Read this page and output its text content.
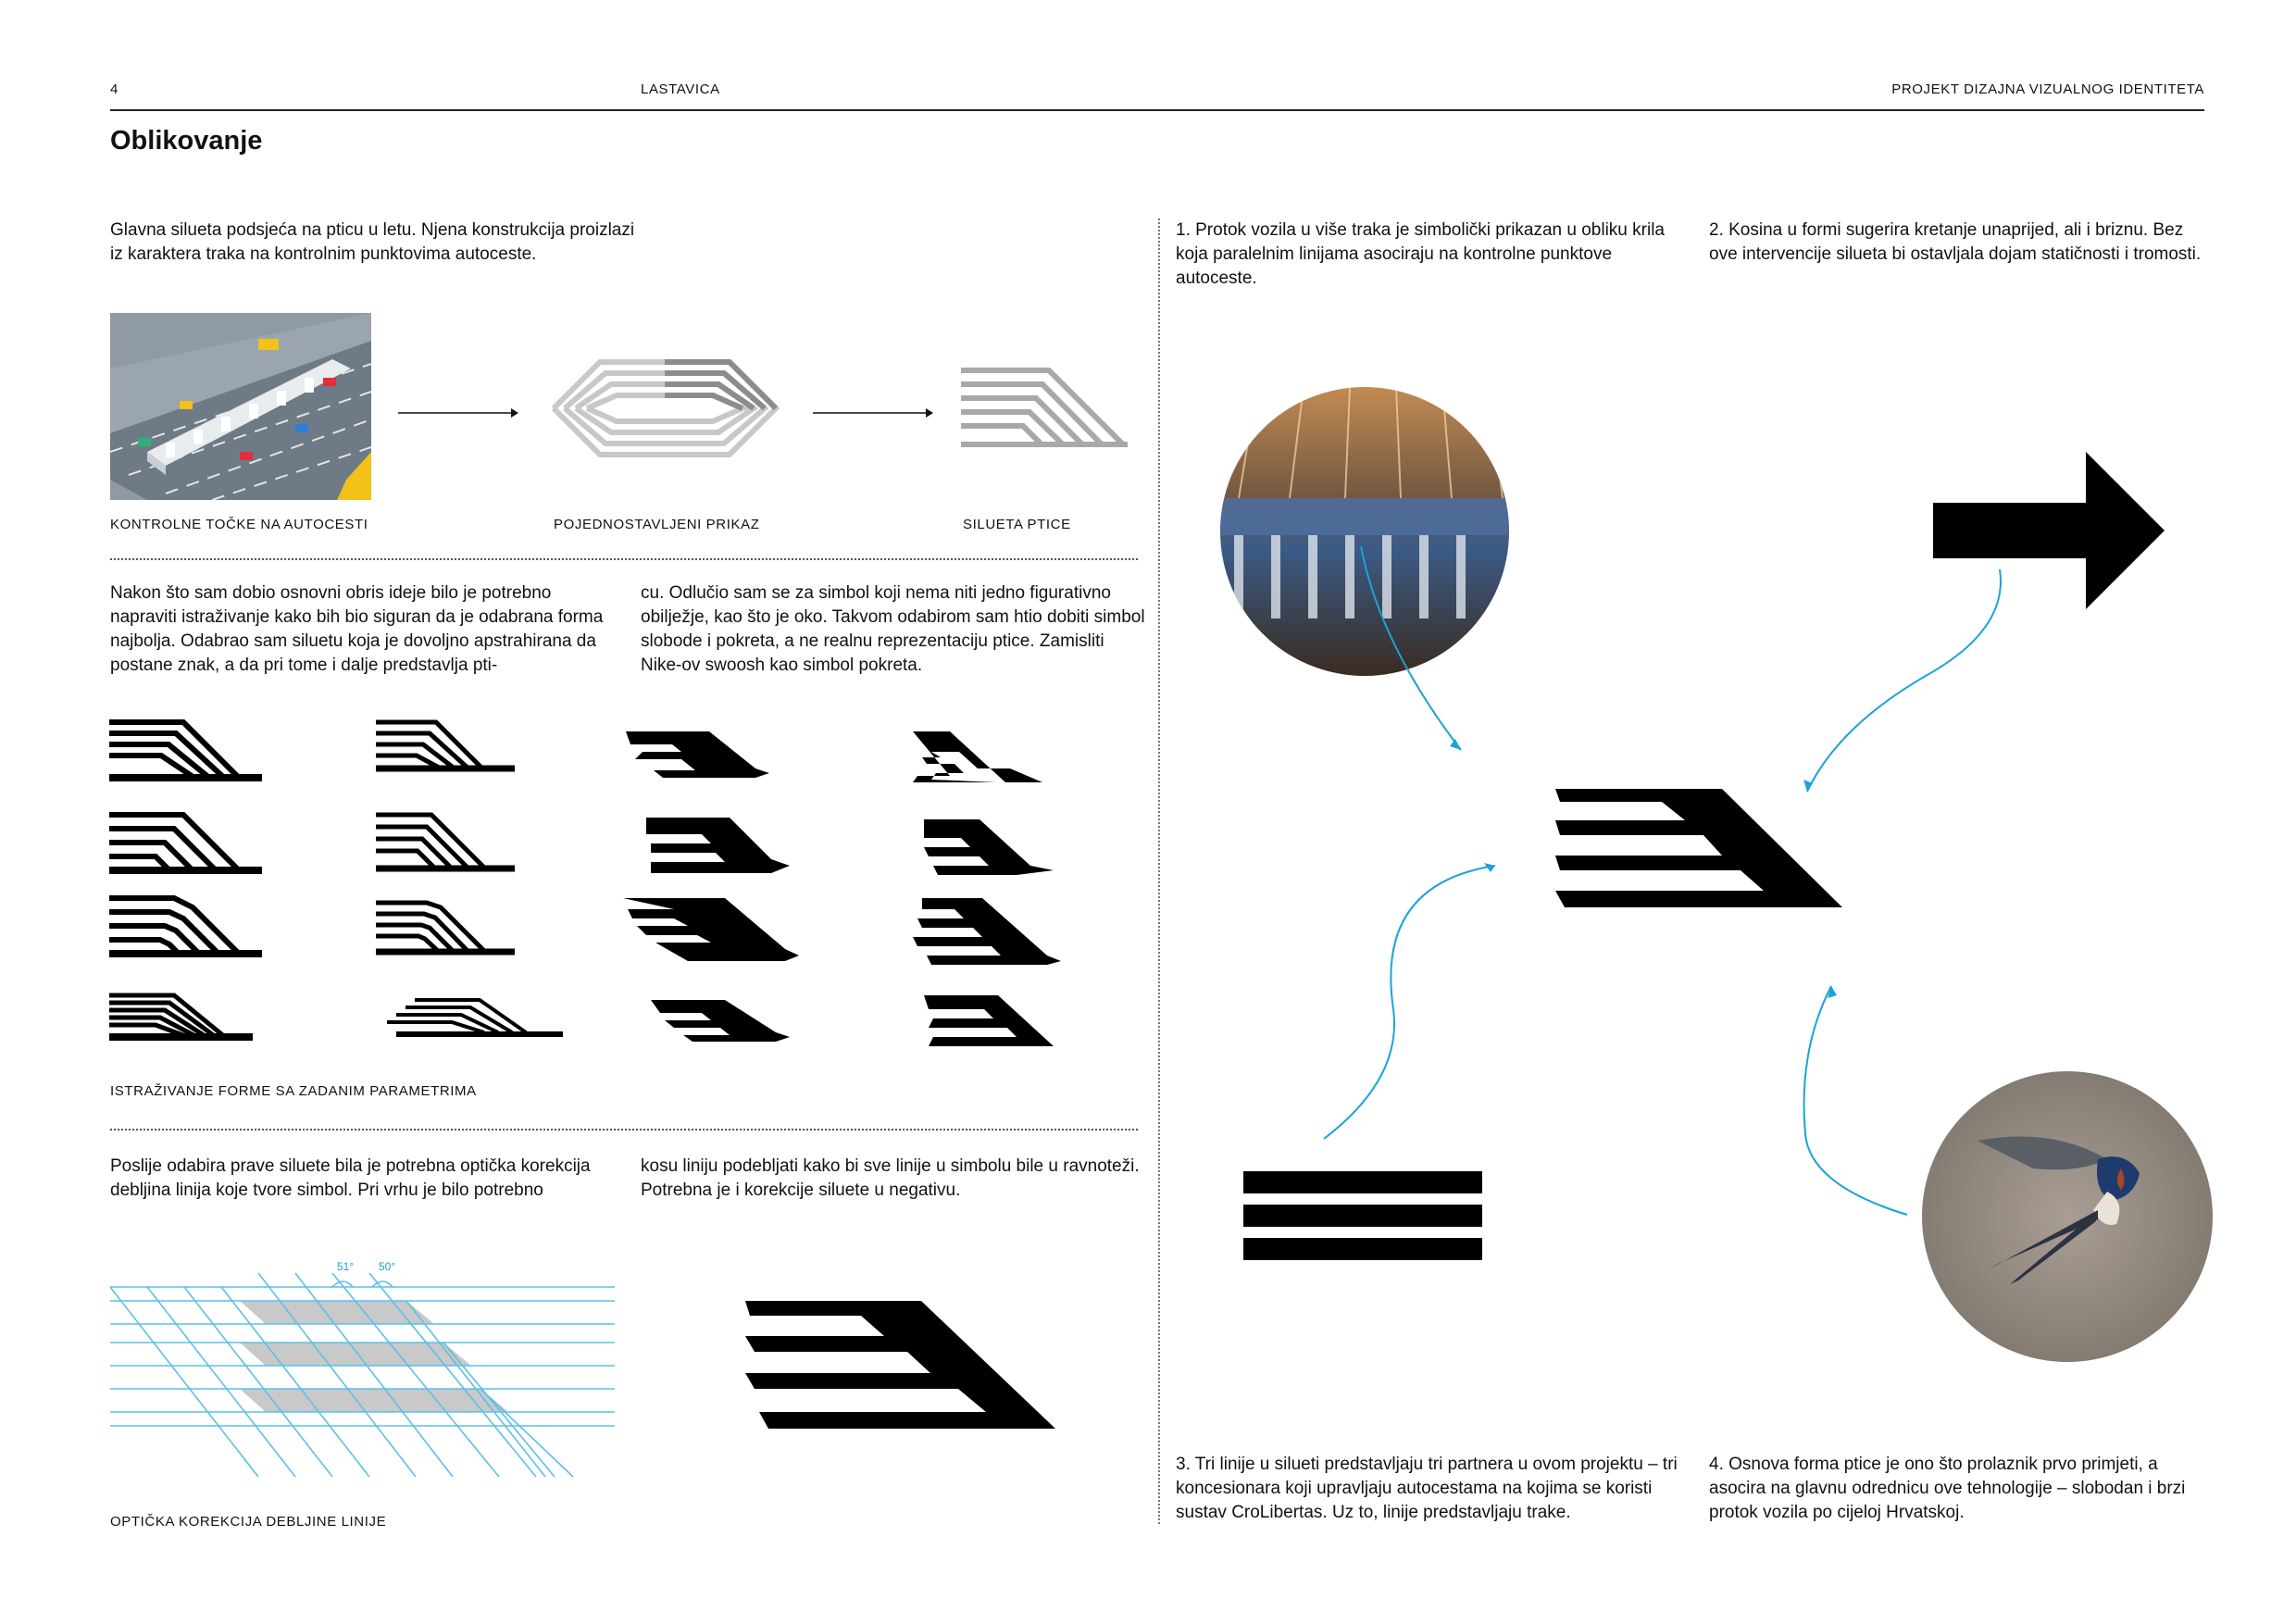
4	LASTAVICA	PROJEKT DIZAJNA VIZUALNOG IDENTITETA
Oblikovanje
Glavna silueta podsjeća na pticu u letu. Njena konstrukcija proizlazi iz karaktera traka na kontrolnim punktovima autoceste.
KONTROLNE TOČKE NA AUTOCESTI	POJEDNOSTAVLJENI PRIKAZ	SILUETA PTICE
Nakon što sam dobio osnovni obris ideje bilo je potrebno napraviti istraživanje kako bih bio siguran da je odabrana forma najbolja. Odabrao sam siluetu koja je dovoljno apstrahirana da postane znak, a da pri tome i dalje predstavlja pti-
cu. Odlučio sam se za simbol koji nema niti jedno figurativno obilježje, kao što je oko. Takvom odabirom sam htio dobiti simbol slobode i pokreta, a ne realnu reprezentaciju ptice. Zamisliti Nike-ov swoosh kao simbol pokreta.
ISTRAŽIVANJE FORME SA ZADANIM PARAMETRIMA
Poslije odabira prave siluete bila je potrebna optička korekcija debljina linija koje tvore simbol. Pri vrhu je bilo potrebno
kosu liniju podebljati kako bi sve linije u simbolu bile u ravnoteži. Potrebna je i korekcije siluete u negativu.
51° 50°
OPTIČKA KOREKCIJA DEBLJINE LINIJE
1. Protok vozila u više traka je simbolički prikazan u obliku krila koja paralelnim linijama asociraju na kontrolne punktove autoceste.
2. Kosina u formi sugerira kretanje unaprijed, ali i briznu. Bez ove intervencije silueta bi ostavljala dojam statičnosti i tromosti.
3. Tri linije u silueti predstavljaju tri partnera u ovom projektu – tri koncesionara koji upravljaju autocestama na kojima se koristi sustav CroLibertas. Uz to, linije predstavljaju trake.
4. Osnova forma ptice je ono što prolaznik prvo primjeti, a asocira na glavnu odrednicu ove tehnologije – slobodan i brzi protok vozila po cijeloj Hrvatskoj.
